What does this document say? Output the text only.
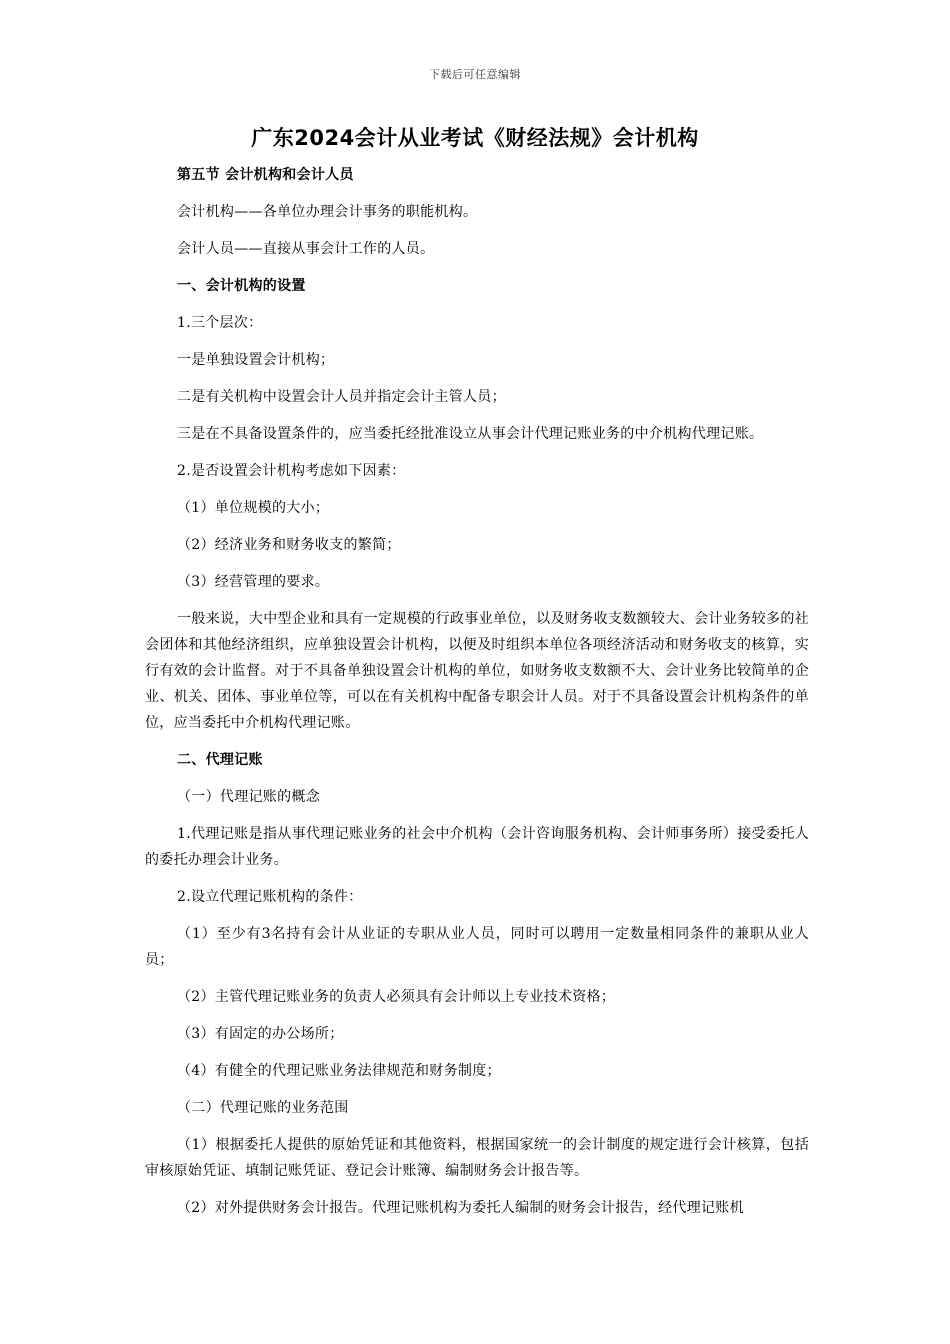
下载后可任意编辑
广东2024会计从业考试《财经法规》会计机构

第五节 会计机构和会计人员

会计机构——各单位办理会计事务的职能机构。

会计人员——直接从事会计工作的人员。

一、会计机构的设置

1.三个层次：

一是单独设置会计机构；

二是有关机构中设置会计人员并指定会计主管人员；

三是在不具备设置条件的，应当委托经批准设立从事会计代理记账业务的中介机构代理记账。

2.是否设置会计机构考虑如下因素：

（1）单位规模的大小；

（2）经济业务和财务收支的繁简；

（3）经营管理的要求。

一般来说，大中型企业和具有一定规模的行政事业单位，以及财务收支数额较大、会计业务较多的社会团体和其他经济组织，应单独设置会计机构，以便及时组织本单位各项经济活动和财务收支的核算，实行有效的会计监督。对于不具备单独设置会计机构的单位，如财务收支数额不大、会计业务比较简单的企业、机关、团体、事业单位等，可以在有关机构中配备专职会计人员。对于不具备设置会计机构条件的单位，应当委托中介机构代理记账。

二、代理记账

（一）代理记账的概念

1.代理记账是指从事代理记账业务的社会中介机构（会计咨询服务机构、会计师事务所）接受委托人的委托办理会计业务。

2.设立代理记账机构的条件：

（1）至少有3名持有会计从业证的专职从业人员，同时可以聘用一定数量相同条件的兼职从业人员；

（2）主管代理记账业务的负责人必须具有会计师以上专业技术资格；

（3）有固定的办公场所；

（4）有健全的代理记账业务法律规范和财务制度；

（二）代理记账的业务范围

（1）根据委托人提供的原始凭证和其他资料，根据国家统一的会计制度的规定进行会计核算，包括审核原始凭证、填制记账凭证、登记会计账簿、编制财务会计报告等。

（2）对外提供财务会计报告。代理记账机构为委托人编制的财务会计报告，经代理记账机
